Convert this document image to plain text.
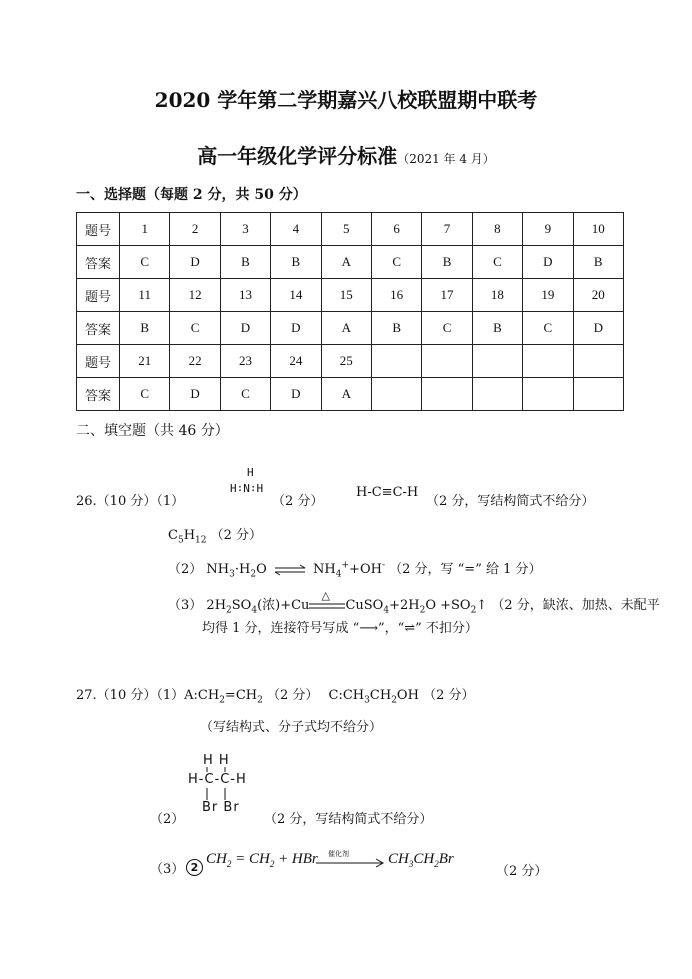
2020 学年第二学期嘉兴八校联盟期中联考
高一年级化学评分标准（2021 年 4 月）
一、选择题（每题 2 分，共 50 分）
题号	1	2	3	4	5	6	7	8	9	10
答案	C	D	B	B	A	C	B	C	D	B
题号	11	12	13	14	15	16	17	18	19	20
答案	B	C	D	D	A	B	C	B	C	D
题号	21	22	23	24	25					
答案	C	D	C	D	A					
二、填空题（共 46 分）
26.（10 分）（1）
H
H∶N∶H
（2 分）
H-C≡C-H
（2 分，写结构简式不给分）
$C_5H_{12}$ （2 分）
（2） $NH_3\cdot H_2O$ ⇌ $NH_4^++OH^-$ （2 分，写 “=” 给 1 分）
（3） $2H_2SO_4$(浓)+Cu
△
$CuSO_4+2H_2O$ $+SO_2↑$ （2 分，缺浓、加热、未配平
均得 1 分，连接符号写成 “⟶”，“⇌” 不扣分）
27.（10 分）$(1)A:CH_2=CH_2$ （2 分） $C:CH_3CH_2OH$ （2 分）
（写结构式、分子式均不给分）
H H
H-C-C-H
Br Br
（2）	（2 分，写结构简式不给分）
（3） 2
$CH_2 = CH_2$ + HBr 催化剂	$CH_3CH_2Br$
（2 分）
